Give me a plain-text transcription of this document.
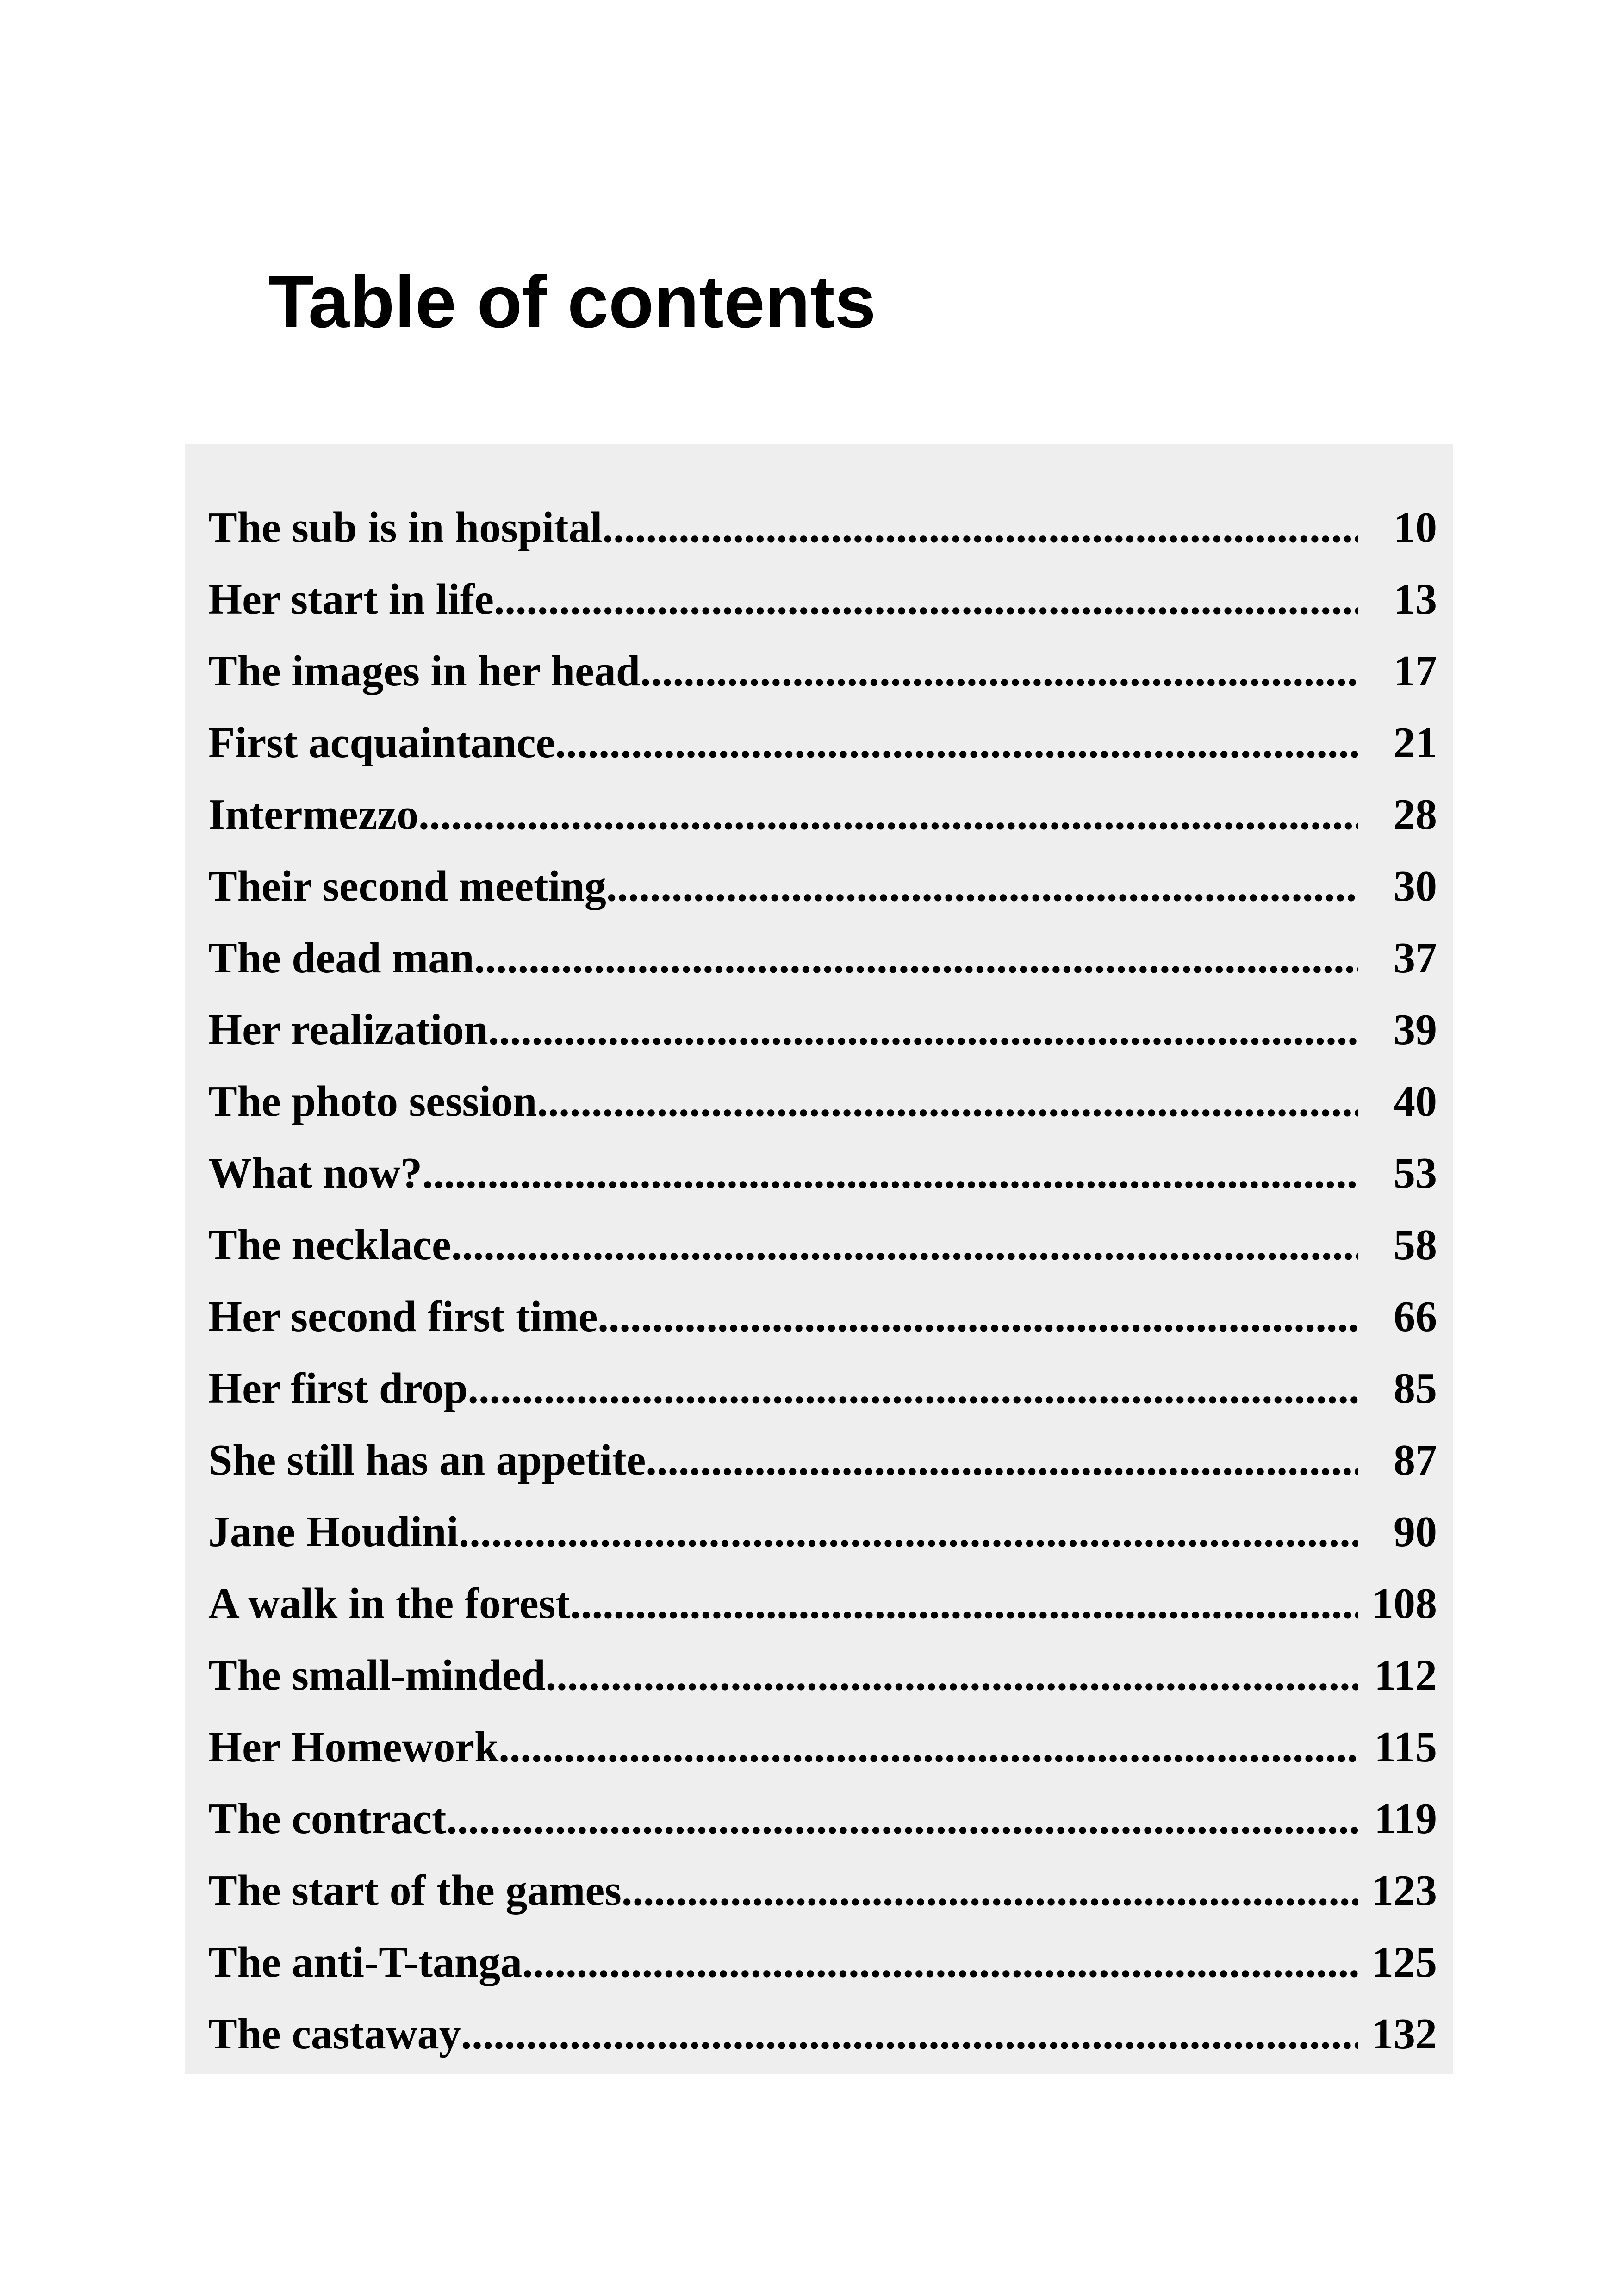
Table of contents
The sub is in hospital .....	10
Her start in life .....	13
The images in her head .....	17
First acquaintance .....	21
Intermezzo .....	28
Their second meeting .....	30
The dead man .....	37
Her realization .....	39
The photo session .....	40
What now? .....	53
The necklace .....	58
Her second first time .....	66
Her first drop .....	85
She still has an appetite .....	87
Jane Houdini .....	90
A walk in the forest .....	108
The small-minded .....	112
Her Homework .....	115
The contract .....	119
The start of the games .....	123
The anti-T-tanga .....	125
The castaway .....	132
